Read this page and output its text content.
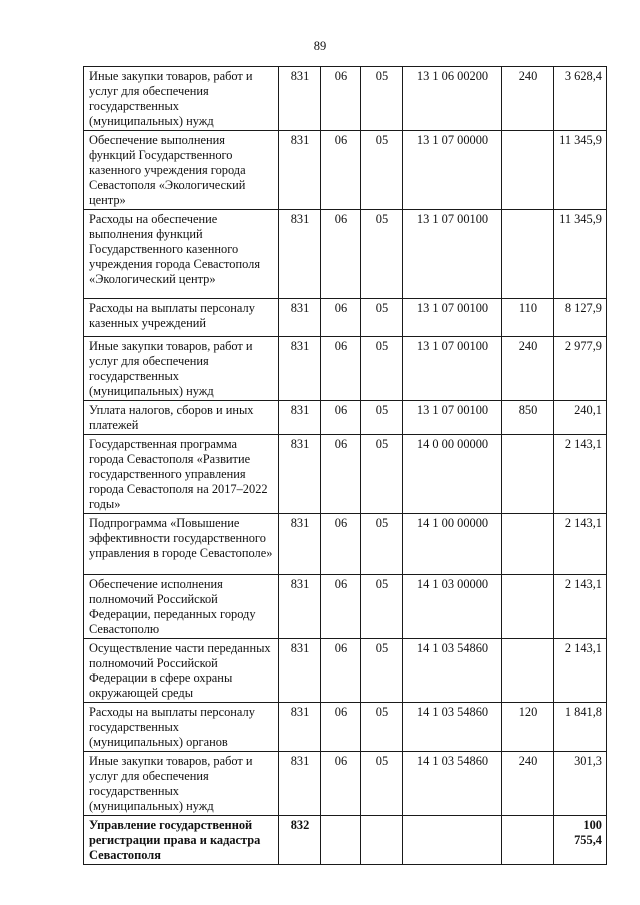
89
Иные закупки товаров, работ и услуг для обеспечения государственных (муниципальных) нужд	831	06	05	13 1 06 00200	240	3 628,4
Обеспечение выполнения функций Государственного казенного учреждения города Севастополя «Экологический центр»	831	06	05	13 1 07 00000		11 345,9
Расходы на обеспечение выполнения функций Государственного казенного учреждения города Севастополя «Экологический центр»	831	06	05	13 1 07 00100		11 345,9
Расходы на выплаты персоналу казенных учреждений	831	06	05	13 1 07 00100	110	8 127,9
Иные закупки товаров, работ и услуг для обеспечения государственных (муниципальных) нужд	831	06	05	13 1 07 00100	240	2 977,9
Уплата налогов, сборов и иных платежей	831	06	05	13 1 07 00100	850	240,1
Государственная программа города Севастополя «Развитие государственного управления города Севастополя на 2017–2022 годы»	831	06	05	14 0 00 00000		2 143,1
Подпрограмма «Повышение эффективности государственного управления в городе Севастополе»	831	06	05	14 1 00 00000		2 143,1
Обеспечение исполнения полномочий Российской Федерации, переданных городу Севастополю	831	06	05	14 1 03 00000		2 143,1
Осуществление части переданных полномочий Российской Федерации в сфере охраны окружающей среды	831	06	05	14 1 03 54860		2 143,1
Расходы на выплаты персоналу государственных (муниципальных) органов	831	06	05	14 1 03 54860	120	1 841,8
Иные закупки товаров, работ и услуг для обеспечения государственных (муниципальных) нужд	831	06	05	14 1 03 54860	240	301,3
Управление государственной регистрации права и кадастра Севастополя	832					100 755,4
